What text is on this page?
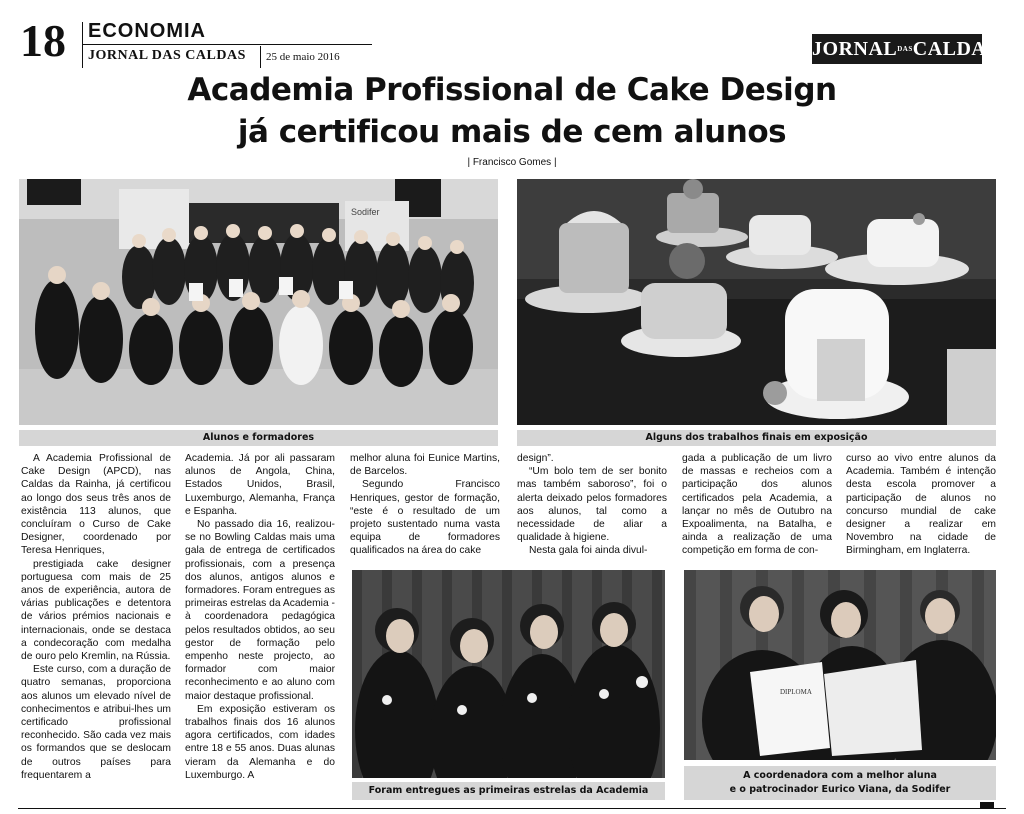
18 ECONOMIA
JORNAL DAS CALDAS 25 de maio 2016	$JORNAL^{DAS}CALDAS$
Academia Profissional de Cake Design
já certificou mais de cem alunos
| Francisco Gomes |
Sodifer
Alunos e formadores	Alguns dos trabalhos finais em exposição
Foram entregues as primeiras estrelas da Academia
DIPLOMA
A coordenadora com a melhor aluna
e o patrocinador Eurico Viana, da Sodifer

A Academia Profissional de Cake Design (APCD), nas Caldas da Rainha, já certificou ao longo dos seus três anos de existência 113 alunos, que concluíram o Curso de Cake Designer, coordenado por Teresa Henriques,

prestigiada cake designer portuguesa com mais de 25 anos de experiência, autora de várias publicações e detentora de vários prémios nacionais e internacionais, onde se destaca a condecoração com medalha de ouro pelo Kremlin, na Rússia.

Este curso, com a duração de quatro semanas, proporciona aos alunos um elevado nível de conhecimentos e atribui-lhes um certificado profissional reconhecido. São cada vez mais os formandos que se deslocam de outros países para frequentarem a

Academia. Já por ali passaram alunos de Angola, China, Estados Unidos, Brasil, Luxemburgo, Alemanha, França e Espanha.

No passado dia 16, realizou-se no Bowling Caldas mais uma gala de entrega de certificados profissionais, com a presença dos alunos, antigos alunos e formadores. Foram entregues as primeiras estrelas da Academia - à coordenadora pedagógica pelos resultados obtidos, ao seu gestor de formação pelo empenho neste projecto, ao formador com maior reconhecimento e ao aluno com maior destaque profissional.

Em exposição estiveram os trabalhos finais dos 16 alunos agora certificados, com idades entre 18 e 55 anos. Duas alunas vieram da Alemanha e do Luxemburgo. A

melhor aluna foi Eunice Martins, de Barcelos.

Segundo Francisco Henriques, gestor de formação, “este é o resultado de um projeto sustentado numa vasta equipa de formadores qualificados na área do cake

design”.

“Um bolo tem de ser bonito mas também saboroso”, foi o alerta deixado pelos formadores aos alunos, tal como a necessidade de aliar a qualidade à higiene.

Nesta gala foi ainda divul-

gada a publicação de um livro de massas e recheios com a participação dos alunos certificados pela Academia, a lançar no mês de Outubro na Expoalimenta, na Batalha, e ainda a realização de uma competição em forma de con-

curso ao vivo entre alunos da Academia. Também é intenção desta escola promover a participação de alunos no concurso mundial de cake designer a realizar em Novembro na cidade de Birmingham, em Inglaterra.
